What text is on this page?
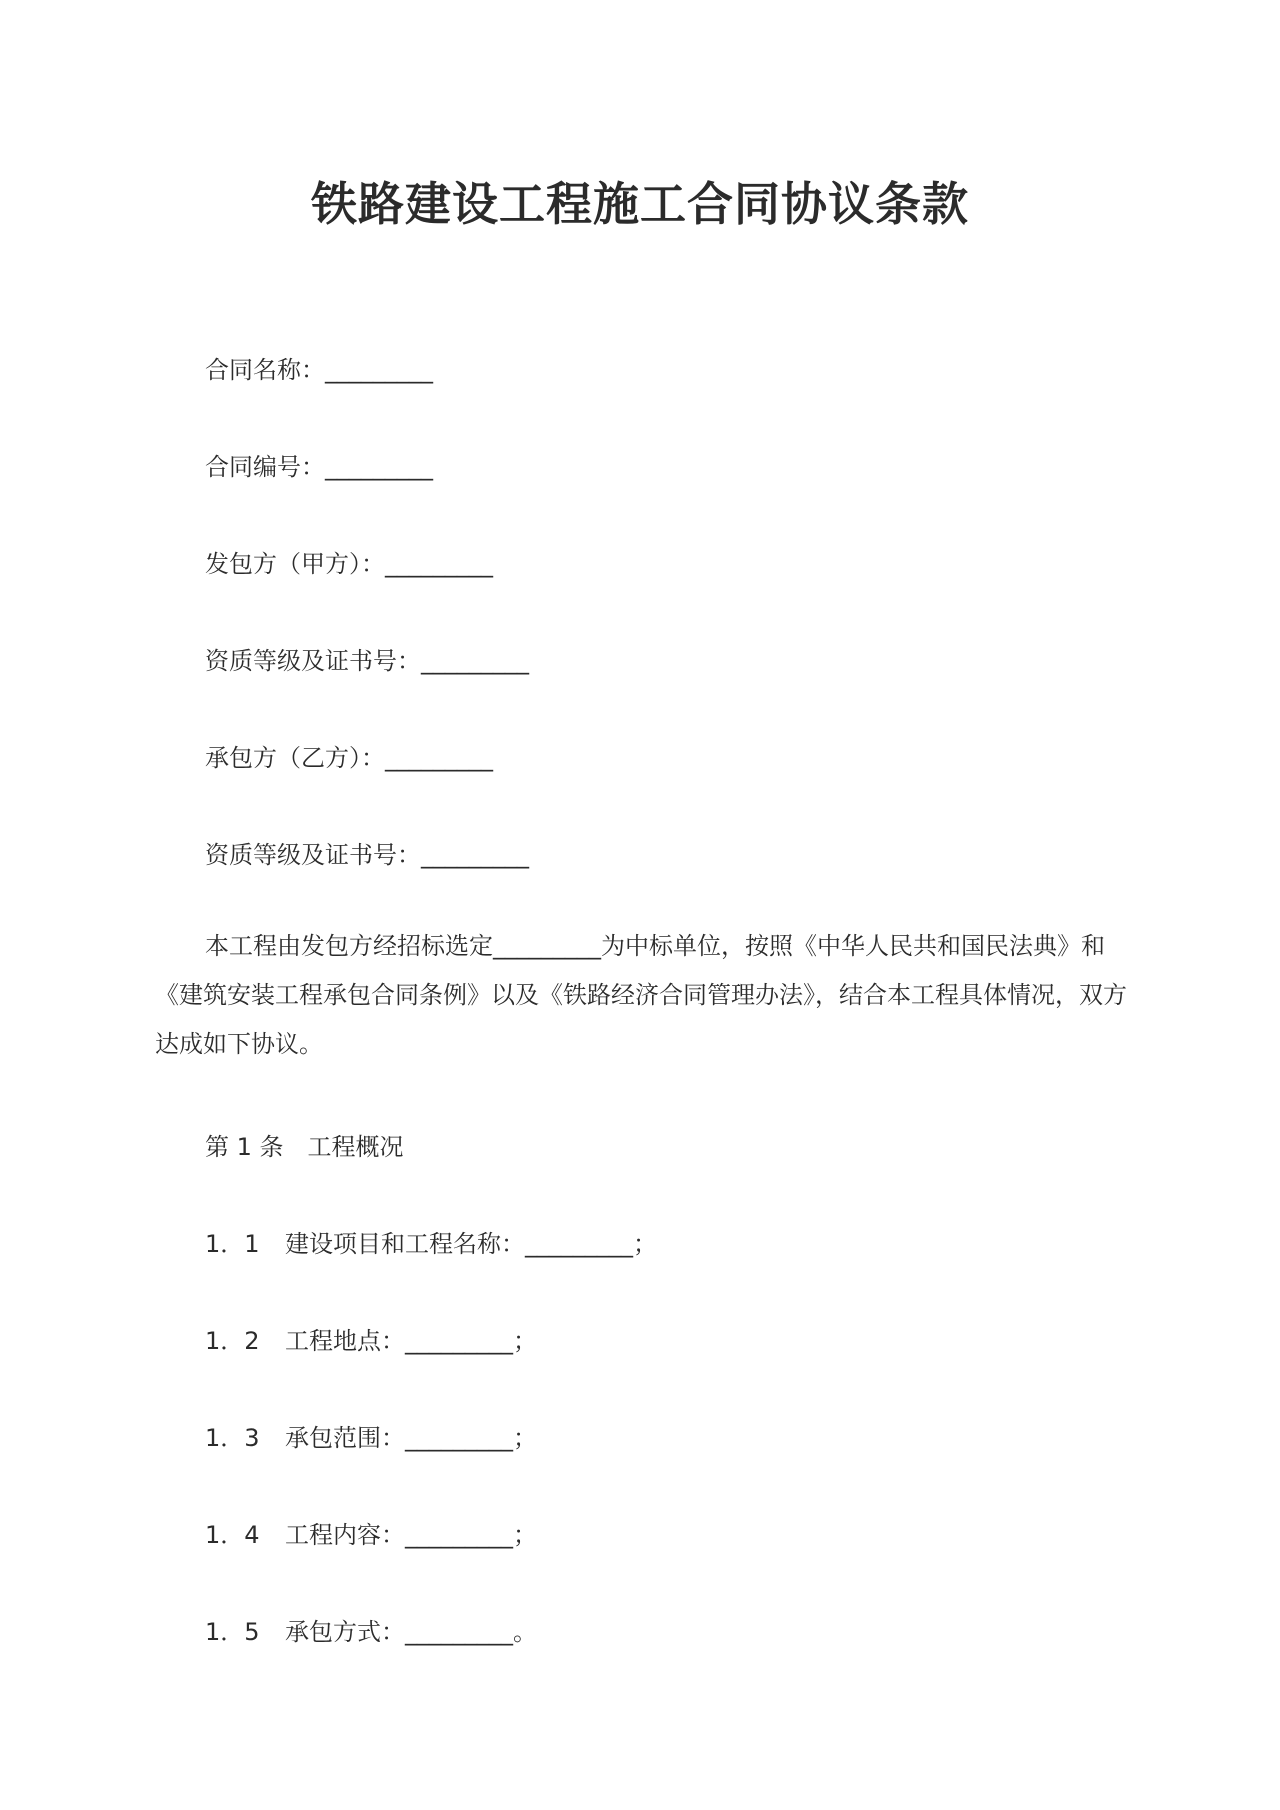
铁路建设工程施工合同协议条款

合同名称：_________

合同编号：_________

发包方（甲方）：_________

资质等级及证书号：_________

承包方（乙方）：_________

资质等级及证书号：_________

本工程由发包方经招标选定_________为中标单位，按照《中华人民共和国民法典》和《建筑安装工程承包合同条例》以及《铁路经济合同管理办法》，结合本工程具体情况，双方达成如下协议。

第 1 条　工程概况

1．1 建设项目和工程名称：_________；

1．2 工程地点：_________；

1．3 承包范围：_________；

1．4 工程内容：_________；

1．5 承包方式：_________。
